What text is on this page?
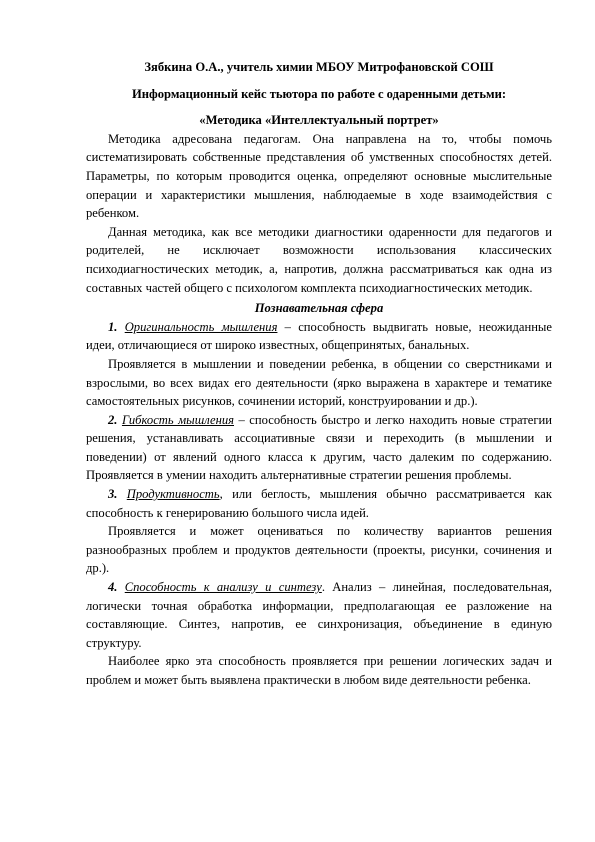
Зябкина О.А., учитель химии МБОУ Митрофановской СОШ
Информационный кейс тьютора по работе с одаренными детьми:
«Методика «Интеллектуальный портрет»

Методика адресована педагогам. Она направлена на то, чтобы помочь систематизировать собственные представления об умственных способностях детей. Параметры, по которым проводится оценка, определяют основные мыслительные операции и характеристики мышления, наблюдаемые в ходе взаимодействия с ребенком.

Данная методика, как все методики диагностики одаренности для педагогов и родителей, не исключает возможности использования классических психодиагностических методик, а, напротив, должна рассматриваться как одна из составных частей общего с психологом комплекта психодиагностических методик.

Познавательная сфера

1. Оригинальность мышления – способность выдвигать новые, неожиданные идеи, отличающиеся от широко известных, общепринятых, банальных.

Проявляется в мышлении и поведении ребенка, в общении со сверстниками и взрослыми, во всех видах его деятельности (ярко выражена в характере и тематике самостоятельных рисунков, сочинении историй, конструировании и др.).

2. Гибкость мышления – способность быстро и легко находить новые стратегии решения, устанавливать ассоциативные связи и переходить (в мышлении и поведении) от явлений одного класса к другим, часто далеким по содержанию. Проявляется в умении находить альтернативные стратегии решения проблемы.

3. Продуктивность, или беглость, мышления обычно рассматривается как способность к генерированию большого числа идей.

Проявляется и может оцениваться по количеству вариантов решения разнообразных проблем и продуктов деятельности (проекты, рисунки, сочинения и др.).

4. Способность к анализу и синтезу. Анализ – линейная, последовательная, логически точная обработка информации, предполагающая ее разложение на составляющие. Синтез, напротив, ее синхронизация, объединение в единую структуру.

Наиболее ярко эта способность проявляется при решении логических задач и проблем и может быть выявлена практически в любом виде деятельности ребенка.
